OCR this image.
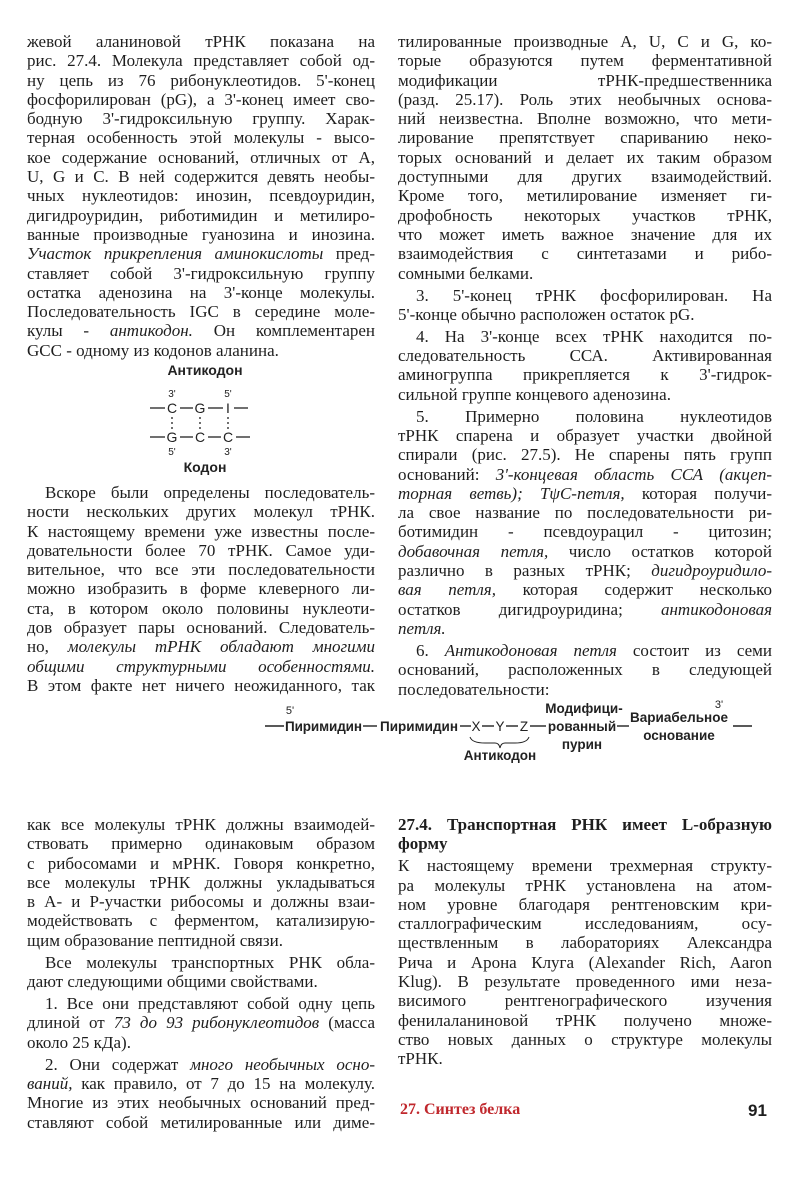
жевой аланиновой тРНК показана на
рис. 27.4. Молекула представляет собой од-
ну цепь из 76 рибонуклеотидов. 5'-конец
фосфорилирован (pG), а 3'-конец имеет сво-
бодную 3'-гидроксильную группу. Харак-
терная особенность этой молекулы - высо-
кое содержание оснований, отличных от А,
U, G и С. В ней содержится девять необы-
чных нуклеотидов: инозин, псевдоуридин,
дигидроуридин, риботимидин и метилиро-
ванные производные гуанозина и инозина.
Участок прикрепления аминокислоты пред-
ставляет собой 3'-гидроксильную группу
остатка аденозина на 3'-конце молекулы.
Последовательность IGC в середине моле-
кулы - антикодон. Он комплементарен
GCC - одному из кодонов аланина.
Вскоре были определены последователь-
ности нескольких других молекул тРНК.
К настоящему времени уже известны после-
довательности более 70 тРНК. Самое уди-
вительное, что все эти последовательности
можно изобразить в форме клеверного ли-
ста, в котором около половины нуклеоти-
дов образует пары оснований. Следователь-
но, молекулы тРНК обладают многими
общими структурными особенностями.
В этом факте нет ничего неожиданного, так
тилированные производные A, U, C и G, ко-
торые образуются путем ферментативной
модификации тРНК-предшественника
(разд. 25.17). Роль этих необычных основа-
ний неизвестна. Вполне возможно, что мети-
лирование препятствует спариванию неко-
торых оснований и делает их таким образом
доступными для других взаимодействий.
Кроме того, метилирование изменяет ги-
дрофобность некоторых участков тРНК,
что может иметь важное значение для их
взаимодействия с синтетазами и рибо-
сомными белками.
3. 5'-конец тРНК фосфорилирован. На
5'-конце обычно расположен остаток pG.
4. На 3'-конце всех тРНК находится по-
следовательность ССА. Активированная
аминогруппа прикрепляется к 3'-гидрок-
сильной группе концевого аденозина.
5. Примерно половина нуклеотидов
тРНК спарена и образует участки двойной
спирали (рис. 27.5). Не спарены пять групп
оснований: 3'-концевая область ССА (акцеп-
торная ветвь); TψC-петля, которая получи-
ла свое название по последовательности ри-
ботимидин - псевдоурацил - цитозин;
добавочная петля, число остатков которой
различно в разных тРНК; дигидроуридило-
вая петля, которая содержит несколько
остатков дигидроуридина; антикодоновая
петля.
6. Антикодоновая петля состоит из семи
оснований, расположенных в следующей
последовательности:
как все молекулы тРНК должны взаимодей-
ствовать примерно одинаковым образом
с рибосомами и мРНК. Говоря конкретно,
все молекулы тРНК должны укладываться
в А- и Р-участки рибосомы и должны взаи-
модействовать с ферментом, катализирую-
щим образование пептидной связи.
Все молекулы транспортных РНК обла-
дают следующими общими свойствами.
1. Все они представляют собой одну цепь
длиной от 73 до 93 рибонуклеотидов (масса
около 25 кДа).
2. Они содержат много необычных осно-
ваний, как правило, от 7 до 15 на молекулу.
Многие из этих необычных оснований пред-
ставляют собой метилированные или диме-
27.4. Транспортная РНК имеет L-образную
форму
К настоящему времени трехмерная структу-
ра молекулы тРНК установлена на атом-
ном уровне благодаря рентгеновским кри-
сталлографическим исследованиям, осу-
ществленным в лабораториях Александра
Рича и Арона Клуга (Alexander Rich, Aaron
Klug). В результате проведенного ими неза-
висимого рентгенографического изучения
фенилаланиновой тРНК получено множе-
ство новых данных о структуре молекулы
тРНК.
Антикодон
3'	5'
C G I
G C C
5'	3'
Кодон
5'	3'
Пиримидин Пиримидин X Y Z
Антикодон
Модифици-
рованный
пурин
Вариабельное
основание
27. Синтез белка	91
